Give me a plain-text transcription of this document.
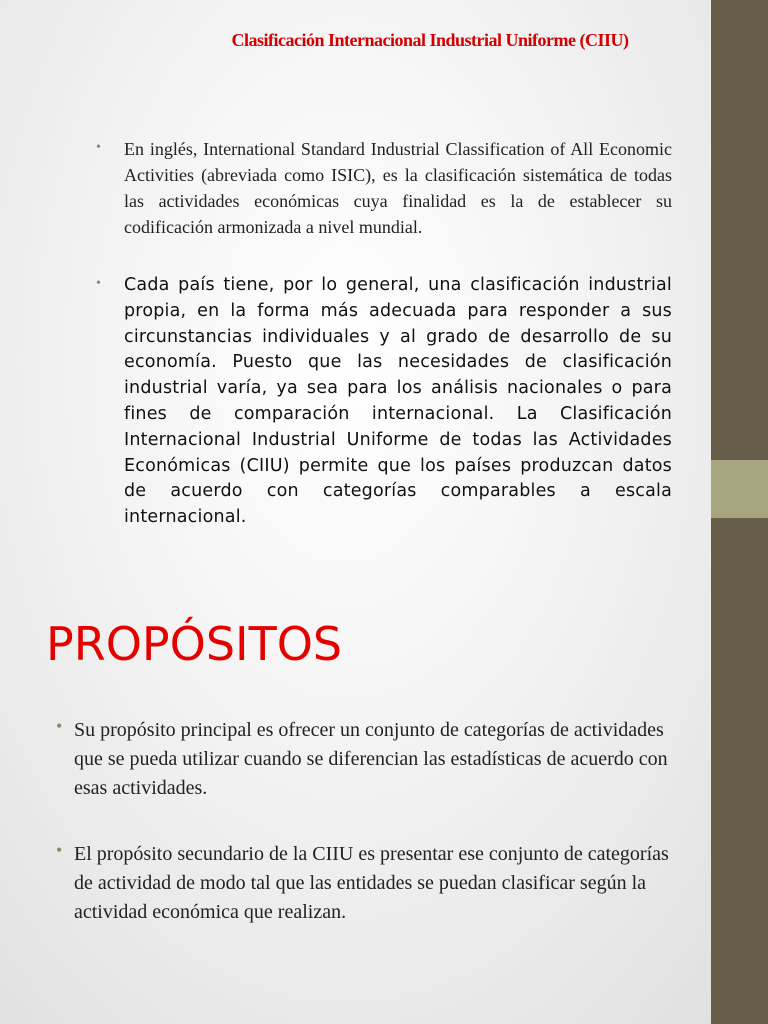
Clasificación Internacional Industrial Uniforme (CIIU)
• En inglés, International Standard Industrial Classification of All Economic Activities (abreviada como ISIC), es la clasificación sistemática de todas las actividades económicas cuya finalidad es la de establecer su codificación armonizada a nivel mundial.
• Cada país tiene, por lo general, una clasificación industrial propia, en la forma más adecuada para responder a sus circunstancias individuales y al grado de desarrollo de su economía. Puesto que las necesidades de clasificación industrial varía, ya sea para los análisis nacionales o para fines de comparación internacional. La Clasificación Internacional Industrial Uniforme de todas las Actividades Económicas (CIIU) permite que los países produzcan datos de acuerdo con categorías comparables a escala internacional.
PROPÓSITOS
• Su propósito principal es ofrecer un conjunto de categorías de actividades que se pueda utilizar cuando se diferencian las estadísticas de acuerdo con esas actividades.
• El propósito secundario de la CIIU es presentar ese conjunto de categorías de actividad de modo tal que las entidades se puedan clasificar según la actividad económica que realizan.
